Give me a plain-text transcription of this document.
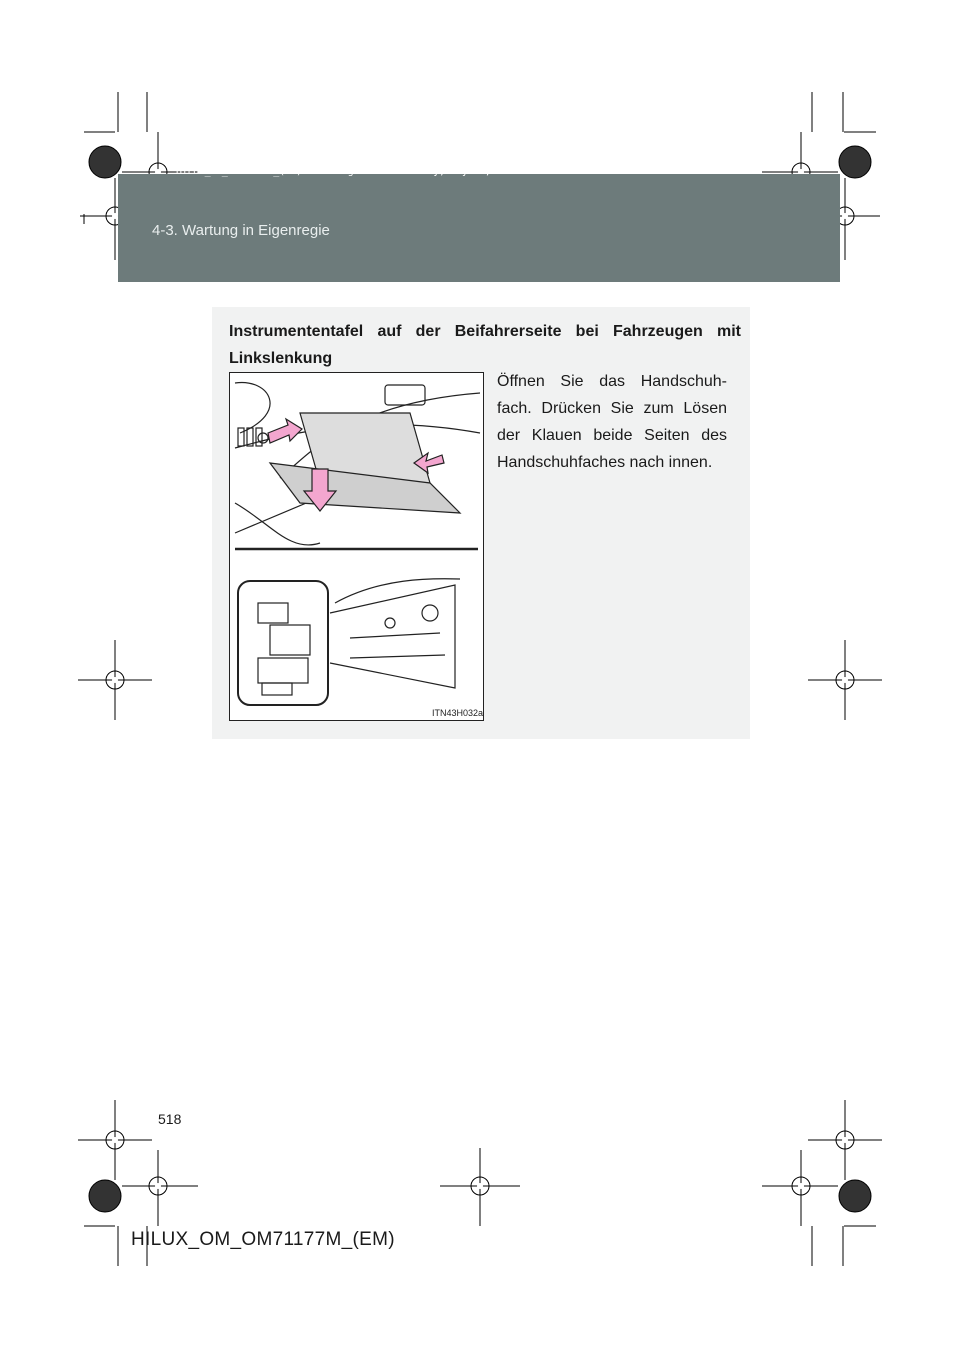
HILUX_OM_OM71177M_(EM).book Page 518 Wednesday, May 16, 2012 1:28 PM
4-3. Wartung in Eigenregie
Instrumententafel auf der Beifahrerseite bei Fahrzeugen mit Linkslenkung
Öffnen Sie das Handschuh-fach. Drücken Sie zum Lösen der Klauen beide Seiten des Handschuhfaches nach innen.
ITN43H032a
518
HILUX_OM_OM71177M_(EM)
